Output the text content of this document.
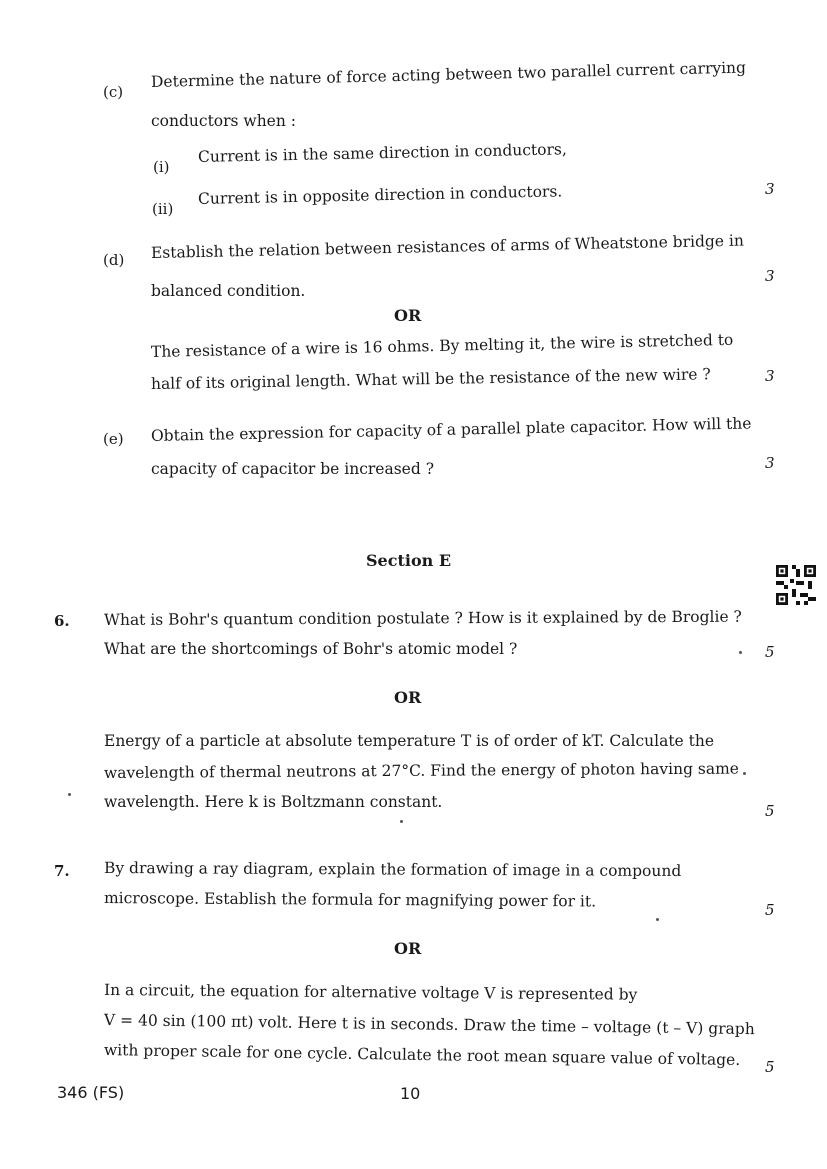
(c)
Determine the nature of force acting between two parallel current carrying
conductors when :
(i)
Current is in the same direction in conductors,
(ii)
Current is in opposite direction in conductors.	3
(d) Establish the relation between resistances of arms of Wheatstone bridge in
balanced condition.
3
OR
The resistance of a wire is 16 ohms. By melting it, the wire is stretched to
half of its original length. What will be the resistance of the new wire ?	3
(e) Obtain the expression for capacity of a parallel plate capacitor. How will the
capacity of capacitor be increased ?	3
Section E
6. What is Bohr's quantum condition postulate ? How is it explained by de Broglie ?
What are the shortcomings of Bohr's atomic model ?	5
OR
Energy of a particle at absolute temperature T is of order of kT. Calculate the
wavelength of thermal neutrons at 27°C. Find the energy of photon having same
wavelength. Here k is Boltzmann constant.	5
7. By drawing a ray diagram, explain the formation of image in a compound
microscope. Establish the formula for magnifying power for it.	5
OR
In a circuit, the equation for alternative voltage V is represented by
V = 40 sin (100 πt) volt. Here t is in seconds. Draw the time – voltage (t – V) graph
with proper scale for one cycle. Calculate the root mean square value of voltage. 5
346 (FS)	10
